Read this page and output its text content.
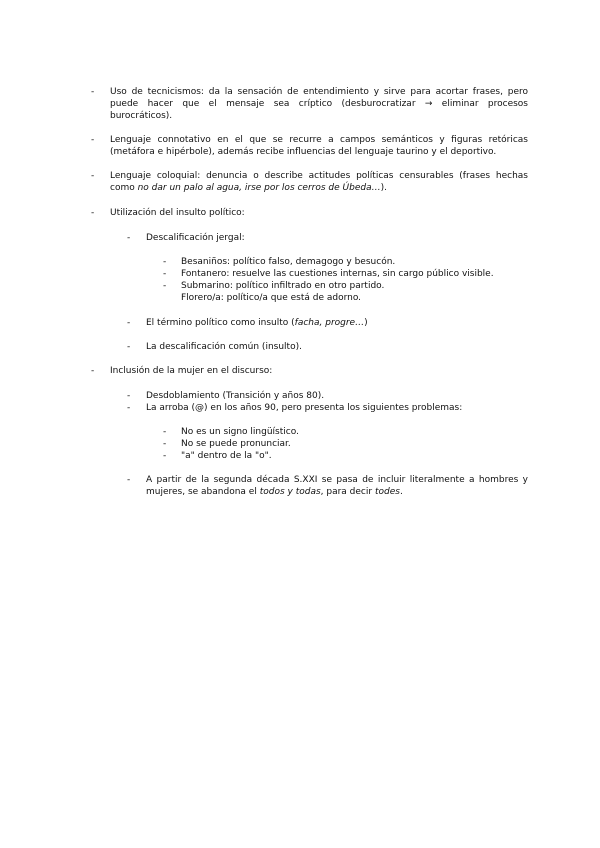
- Uso de tecnicismos: da la sensación de entendimiento y sirve para acortar frases, pero
puede hacer que el mensaje sea críptico (desburocratizar → eliminar procesos
burocráticos).
- Lenguaje connotativo en el que se recurre a campos semánticos y figuras retóricas
(metáfora e hipérbole), además recibe influencias del lenguaje taurino y el deportivo.
- Lenguaje coloquial: denuncia o describe actitudes políticas censurables (frases hechas
como no dar un palo al agua, irse por los cerros de Úbeda…).
- Utilización del insulto político:
- Descalificación jergal:
- Besaniños: político falso, demagogo y besucón.
- Fontanero: resuelve las cuestiones internas, sin cargo público visible.
- Submarino: político infiltrado en otro partido.
Florero/a: político/a que está de adorno.
- El término político como insulto (facha, progre…)
- La descalificación común (insulto).
- Inclusión de la mujer en el discurso:
- Desdoblamiento (Transición y años 80).
- La arroba (@) en los años 90, pero presenta los siguientes problemas:
- No es un signo lingüístico.
- No se puede pronunciar.
- "a" dentro de la "o".
- A partir de la segunda década S.XXI se pasa de incluir literalmente a hombres y
mujeres, se abandona el todos y todas, para decir todes.
